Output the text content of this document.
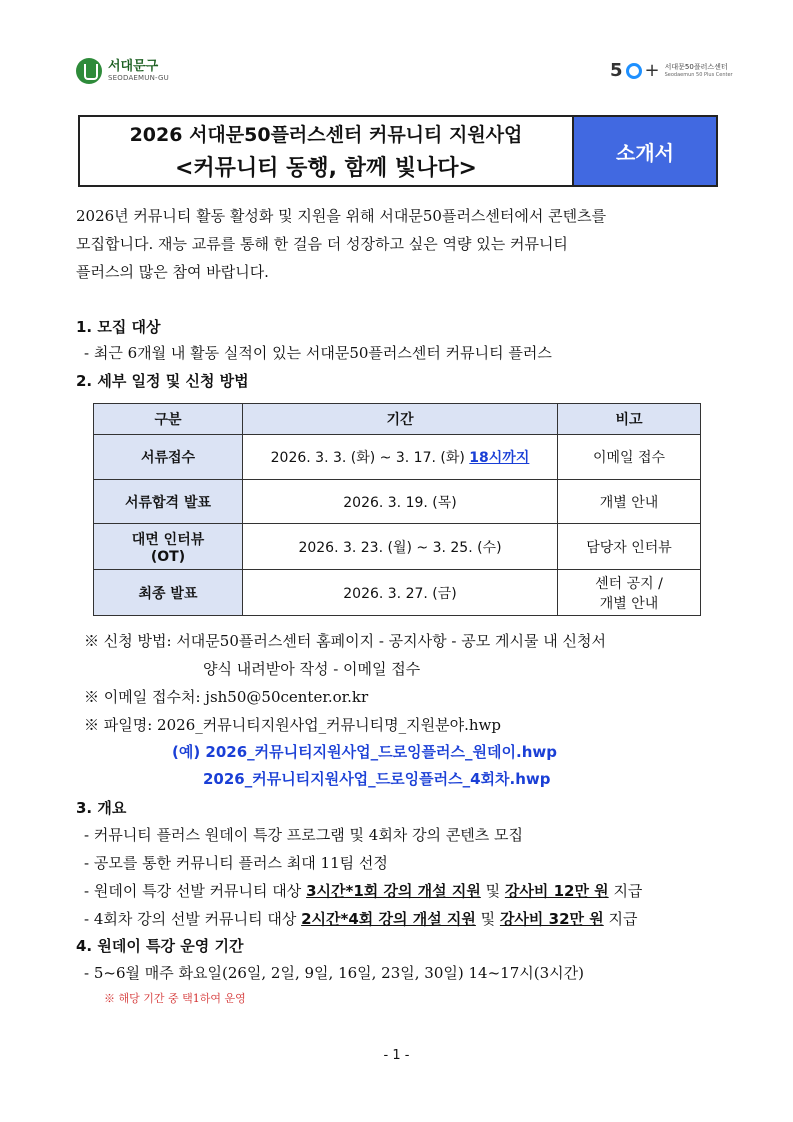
서대문구
SEODAEMUN-GU	5 + 서대문50플러스센터
Seodaemun 50 Plus Center
2026 서대문50플러스센터 커뮤니티 지원사업
<커뮤니티 동행, 함께 빛나다>
소개서
2026년 커뮤니티 활동 활성화 및 지원을 위해 서대문50플러스센터에서 콘텐츠를
모집합니다. 재능 교류를 통해 한 걸음 더 성장하고 싶은 역량 있는 커뮤니티
플러스의 많은 참여 바랍니다.
1. 모집 대상
- 최근 6개월 내 활동 실적이 있는 서대문50플러스센터 커뮤니티 플러스
2. 세부 일정 및 신청 방법
구분	기간	비고
서류접수	2026. 3. 3. (화) ~ 3. 17. (화) 18시까지	이메일 접수
서류합격 발표	2026. 3. 19. (목)	개별 안내

대면 인터뷰
(OT)	2026. 3. 23. (월) ~ 3. 25. (수)	담당자 인터뷰
최종 발표	2026. 3. 27. (금)	센터 공지 /
개별 안내
※ 신청 방법: 서대문50플러스센터 홈페이지 - 공지사항 - 공모 게시물 내 신청서
양식 내려받아 작성 - 이메일 접수
※ 이메일 접수처: jsh50@50center.or.kr
※ 파일명: 2026_커뮤니티지원사업_커뮤니티명_지원분야.hwp
(예) 2026_커뮤니티지원사업_드로잉플러스_원데이.hwp
2026_커뮤니티지원사업_드로잉플러스_4회차.hwp
3. 개요
- 커뮤니티 플러스 원데이 특강 프로그램 및 4회차 강의 콘텐츠 모집
- 공모를 통한 커뮤니티 플러스 최대 11팀 선정
- 원데이 특강 선발 커뮤니티 대상 3시간*1회 강의 개설 지원 및 강사비 12만 원 지급
- 4회차 강의 선발 커뮤니티 대상 2시간*4회 강의 개설 지원 및 강사비 32만 원 지급
4. 원데이 특강 운영 기간
- 5~6월 매주 화요일(26일, 2일, 9일, 16일, 23일, 30일) 14~17시(3시간)
※ 해당 기간 중 택1하여 운영
- 1 -
